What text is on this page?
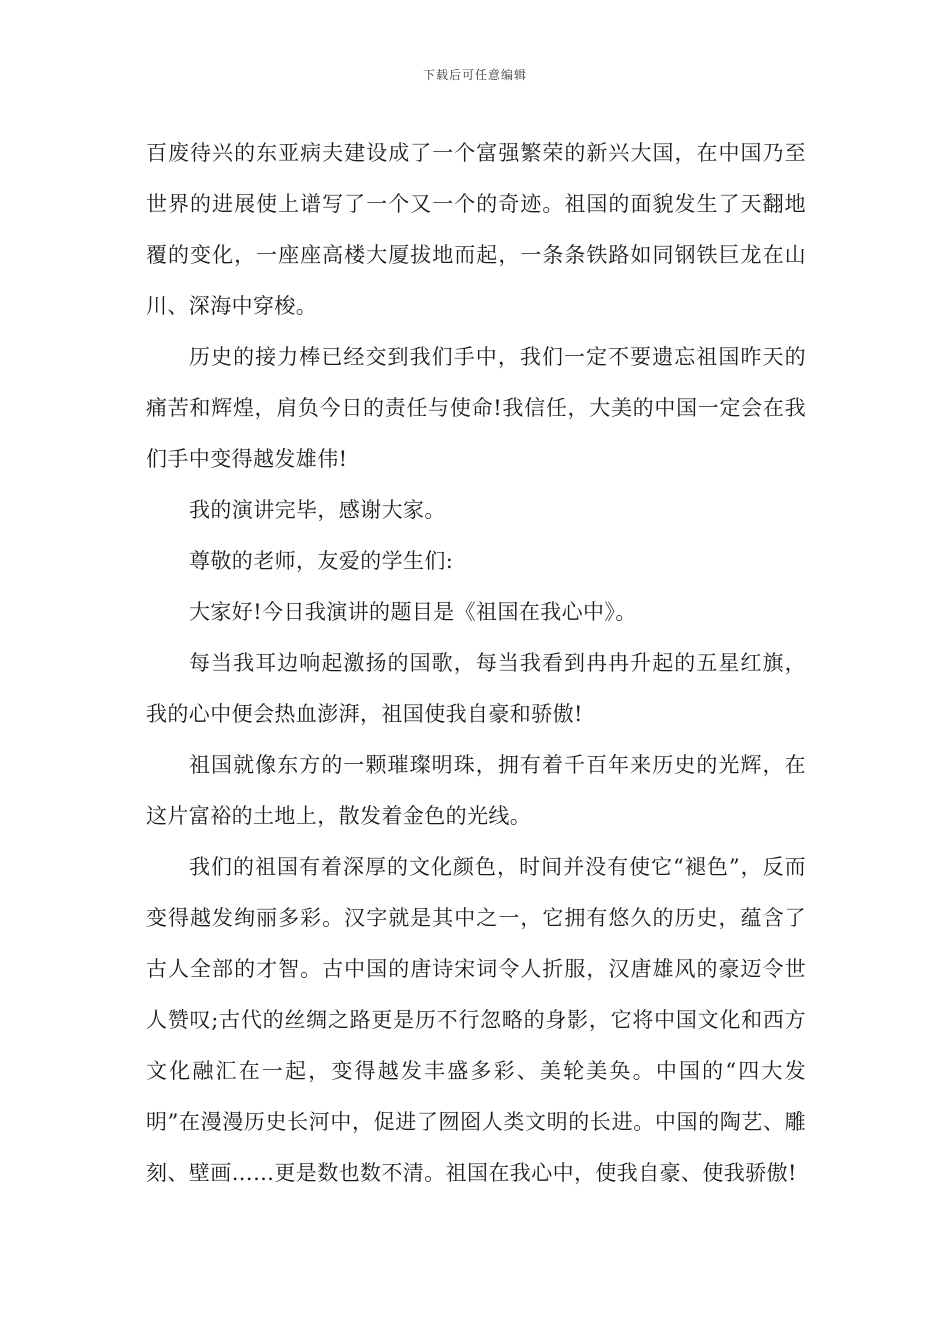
下载后可任意编辑

百废待兴的东亚病夫建设成了一个富强繁荣的新兴大国，在中国乃至世界的进展使上谱写了一个又一个的奇迹。祖国的面貌发生了天翻地覆的变化，一座座高楼大厦拔地而起，一条条铁路如同钢铁巨龙在山川、深海中穿梭。

历史的接力棒已经交到我们手中，我们一定不要遗忘祖国昨天的痛苦和辉煌，肩负今日的责任与使命!我信任，大美的中国一定会在我们手中变得越发雄伟!

我的演讲完毕，感谢大家。

尊敬的老师，友爱的学生们:

大家好!今日我演讲的题目是《祖国在我心中》。

每当我耳边响起激扬的国歌，每当我看到冉冉升起的五星红旗，我的心中便会热血澎湃，祖国使我自豪和骄傲!

祖国就像东方的一颗璀璨明珠，拥有着千百年来历史的光辉，在这片富裕的土地上，散发着金色的光线。

我们的祖国有着深厚的文化颜色，时间并没有使它“褪色”，反而变得越发绚丽多彩。汉字就是其中之一，它拥有悠久的历史，蕴含了古人全部的才智。古中国的唐诗宋词令人折服，汉唐雄风的豪迈令世人赞叹;古代的丝绸之路更是历不行忽略的身影，它将中国文化和西方文化融汇在一起，变得越发丰盛多彩、美轮美奂。中国的“四大发明”在漫漫历史长河中，促进了囫囵人类文明的长进。中国的陶艺、雕刻、壁画……更是数也数不清。祖国在我心中，使我自豪、使我骄傲!
